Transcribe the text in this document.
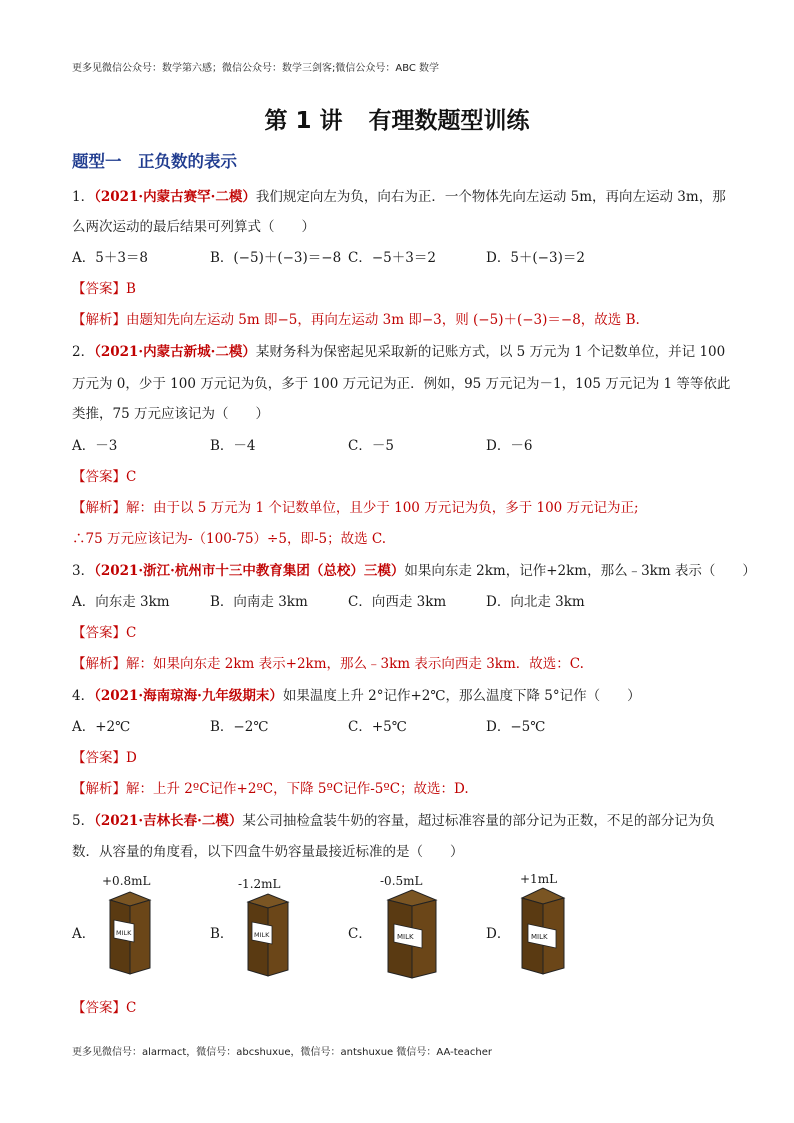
更多见微信公众号：数学第六感；微信公众号：数学三剑客;微信公众号：ABC 数学
第 1 讲 有理数题型训练
题型一　正负数的表示
1．（2021·内蒙古赛罕·二模）我们规定向左为负，向右为正．一个物体先向左运动 5m，再向左运动 3m，那
么两次运动的最后结果可列算式（　　）
A．5＋3＝8	B．(−5)＋(−3)＝−8 C．−5＋3＝2	D．5＋(−3)＝2
【答案】B
【解析】由题知先向左运动 5m 即−5，再向左运动 3m 即−3，则 (−5)＋(−3)＝−8，故选 B.
2．（2021·内蒙古新城·二模）某财务科为保密起见采取新的记账方式，以 5 万元为 1 个记数单位，并记 100
万元为 0，少于 100 万元记为负，多于 100 万元记为正．例如，95 万元记为－1，105 万元记为 1 等等依此
类推，75 万元应该记为（　　）
A．－3	B．－4	C．－5	D．－6
【答案】C
【解析】解：由于以 5 万元为 1 个记数单位，且少于 100 万元记为负，多于 100 万元记为正;
∴75 万元应该记为-（100-75）÷5，即-5；故选 C.
3．（2021·浙江·杭州市十三中教育集团（总校）三模）如果向东走 2km，记作+2km，那么﹣3km 表示（　　）
A．向东走 3km	B．向南走 3km	C．向西走 3km	D．向北走 3km
【答案】C
【解析】解：如果向东走 2km 表示+2km，那么﹣3km 表示向西走 3km．故选：C.
4．（2021·海南琼海·九年级期末）如果温度上升 2°记作+2℃，那么温度下降 5°记作（　　）
A．+2℃	B．−2℃	C．+5℃	D．−5℃
【答案】D
【解析】解：上升 2ºC记作+2ºC，下降 5ºC记作-5ºC；故选：D.
5．（2021·吉林长春·二模）某公司抽检盒装牛奶的容量，超过标准容量的部分记为正数，不足的部分记为负
数．从容量的角度看，以下四盒牛奶容量最接近标准的是（　　）
A．
+0.8mL
MILK	B．
-1.2mL
MILK	C．
-0.5mL
MILK	D．
+1mL
MILK
【答案】C
更多见微信号：alarmact，微信号：abcshuxue，微信号：antshuxue 微信号：AA-teacher
